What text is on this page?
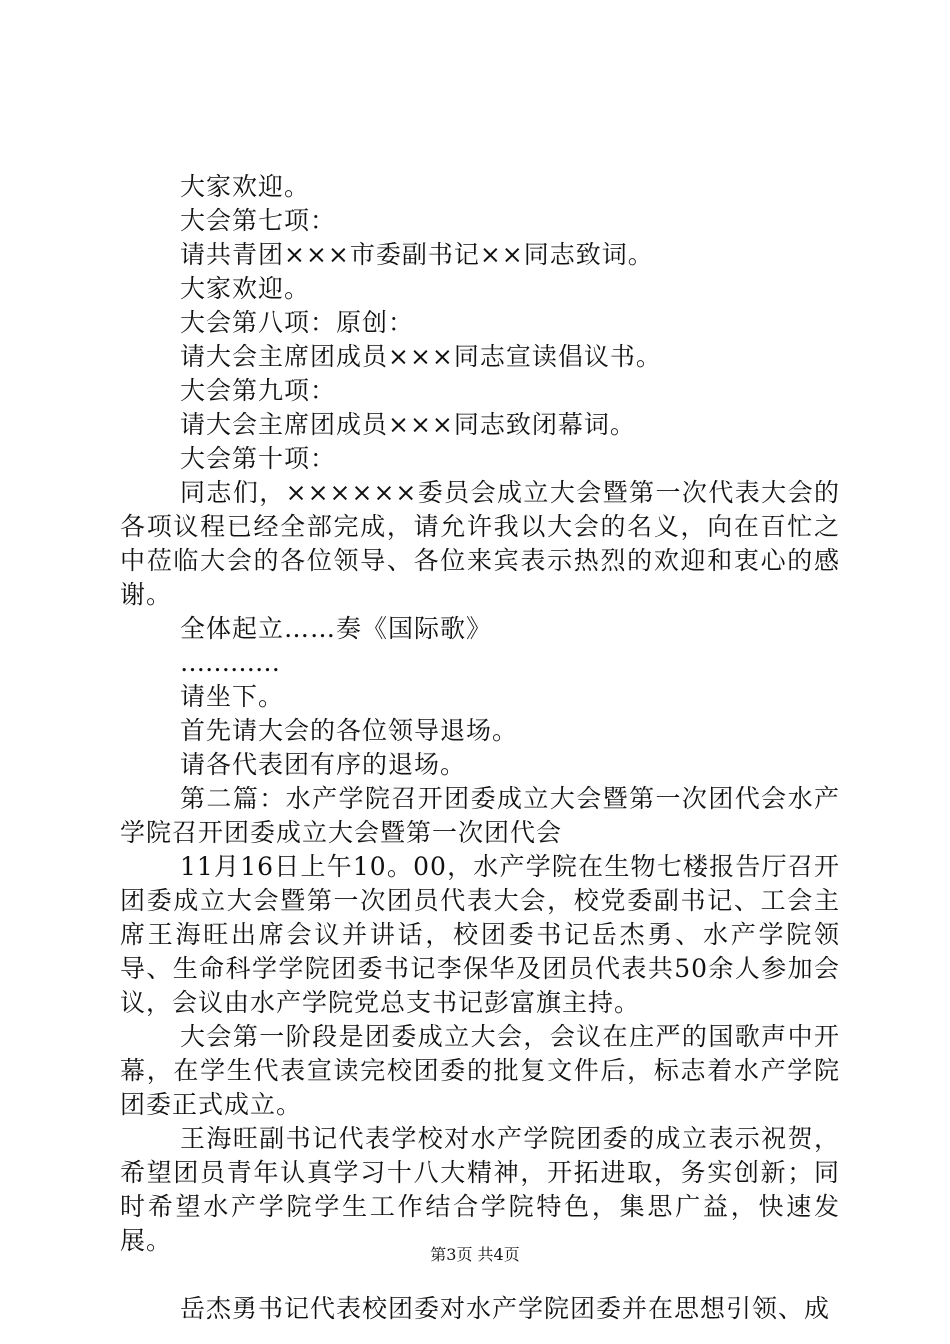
大家欢迎。
大会第七项：
请共青团×××市委副书记××同志致词。
大家欢迎。
大会第八项：原创：
请大会主席团成员×××同志宣读倡议书。
大会第九项：
请大会主席团成员×××同志致闭幕词。
大会第十项：

同志们，××××××委员会成立大会暨第一次代表大会的各项议程已经全部完成，请允许我以大会的名义，向在百忙之中莅临大会的各位领导、各位来宾表示热烈的欢迎和衷心的感谢。

全体起立……奏《国际歌》
…………
请坐下。
首先请大会的各位领导退场。
请各代表团有序的退场。

第二篇：水产学院召开团委成立大会暨第一次团代会水产学院召开团委成立大会暨第一次团代会

11月16日上午10。00，水产学院在生物七楼报告厅召开团委成立大会暨第一次团员代表大会，校党委副书记、工会主席王海旺出席会议并讲话，校团委书记岳杰勇、水产学院领导、生命科学学院团委书记李保华及团员代表共50余人参加会议，会议由水产学院党总支书记彭富旗主持。

大会第一阶段是团委成立大会，会议在庄严的国歌声中开幕，在学生代表宣读完校团委的批复文件后，标志着水产学院团委正式成立。

王海旺副书记代表学校对水产学院团委的成立表示祝贺，希望团员青年认真学习十八大精神，开拓进取，务实创新；同时希望水产学院学生工作结合学院特色，集思广益，快速发展。

岳杰勇书记代表校团委对水产学院团委并在思想引领、成

第3页 共4页
